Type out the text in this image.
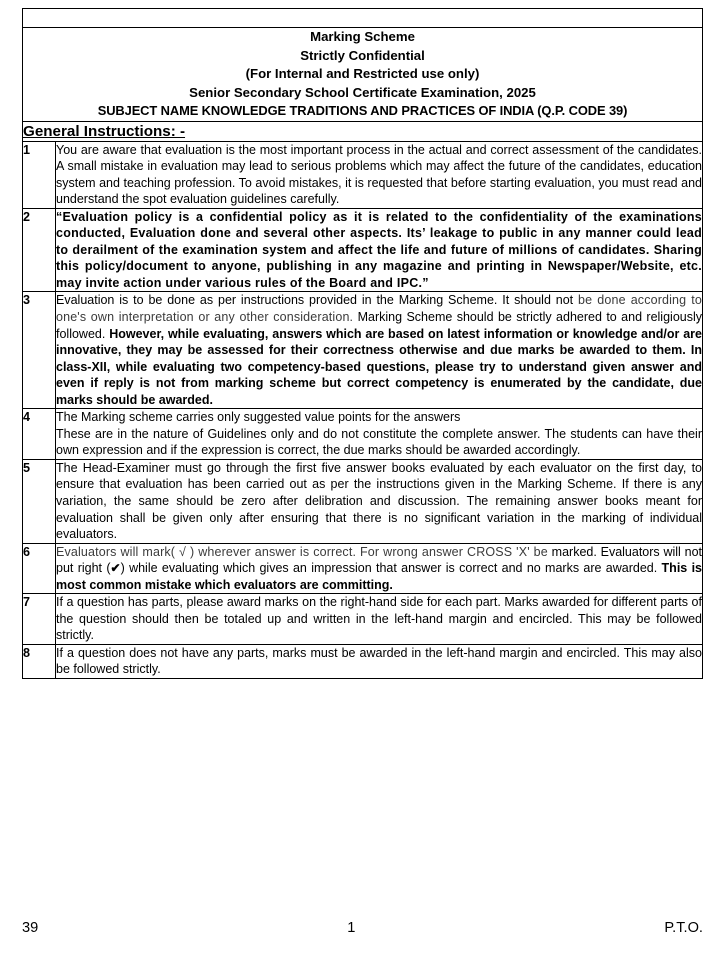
Marking Scheme
Strictly Confidential
(For Internal and Restricted use only)
Senior Secondary School Certificate Examination, 2025
SUBJECT NAME KNOWLEDGE TRADITIONS AND PRACTICES OF INDIA (Q.P. CODE 39)	

General Instructions: -	
1	You are aware that evaluation is the most important process in the actual and correct assessment of the candidates. A small mistake in evaluation may lead to serious problems which may affect the future of the candidates, education system and teaching profession. To avoid mistakes, it is requested that before starting evaluation, you must read and understand the spot evaluation guidelines carefully.

2	“Evaluation policy is a confidential policy as it is related to the confidentiality of the examinations conducted, Evaluation done and several other aspects. Its’ leakage to public in any manner could lead to derailment of the examination system and affect the life and future of millions of candidates. Sharing this policy/document to anyone, publishing in any magazine and printing in Newspaper/Website, etc. may invite action under various rules of the Board and IPC.”

3	Evaluation is to be done as per instructions provided in the Marking Scheme. It should not be done according to one's own interpretation or any other consideration. Marking Scheme should be strictly adhered to and religiously followed. However, while evaluating, answers which are based on latest information or knowledge and/or are innovative, they may be assessed for their correctness otherwise and due marks be awarded to them. In class-XII, while evaluating two competency-based questions, please try to understand given answer and even if reply is not from marking scheme but correct competency is enumerated by the candidate, due marks should be awarded.

4	The Marking scheme carries only suggested value points for the answers

These are in the nature of Guidelines only and do not constitute the complete answer. The students can have their own expression and if the expression is correct, the due marks should be awarded accordingly.

5	The Head-Examiner must go through the first five answer books evaluated by each evaluator on the first day, to ensure that evaluation has been carried out as per the instructions given in the Marking Scheme. If there is any variation, the same should be zero after delibration and discussion. The remaining answer books meant for evaluation shall be given only after ensuring that there is no significant variation in the marking of individual evaluators.

6	Evaluators will mark( √ ) wherever answer is correct. For wrong answer CROSS 'X' be marked. Evaluators will not put right (✔) while evaluating which gives an impression that answer is correct and no marks are awarded. This is most common mistake which evaluators are committing.

7	If a question has parts, please award marks on the right-hand side for each part. Marks awarded for different parts of the question should then be totaled up and written in the left-hand margin and encircled. This may be followed strictly.

8	If a question does not have any parts, marks must be awarded in the left-hand margin and encircled. This may also be followed strictly.

39	1	P.T.O.
